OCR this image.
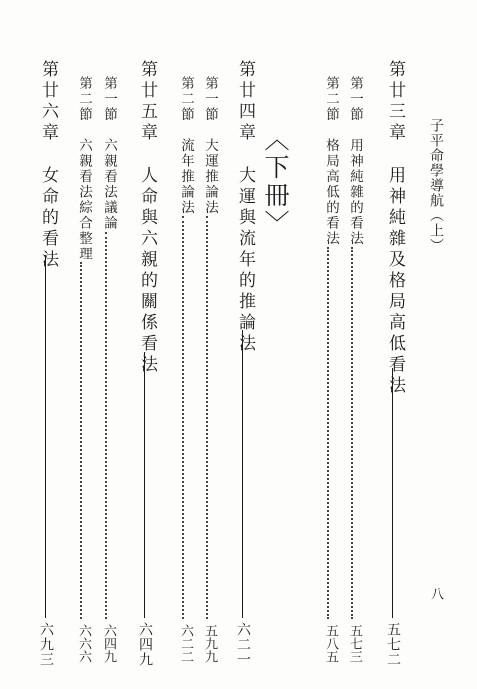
子平命學導航（上）
八
第廿三章
用神純雜及格局高低看法
五七二
第一節
用神純雜的看法
五七三
第二節
格局高低的看法
五八五
〈下冊〉
第廿四章
大運與流年的推論法
六二一
第一節
大運推論法
五九九
第二節
流年推論法
六二二
第廿五章
人命與六親的關係看法
六四九
第一節
六親看法議論
六四九
第二節
六親看法綜合整理
六六六
第廿六章
女命的看法
六九三
